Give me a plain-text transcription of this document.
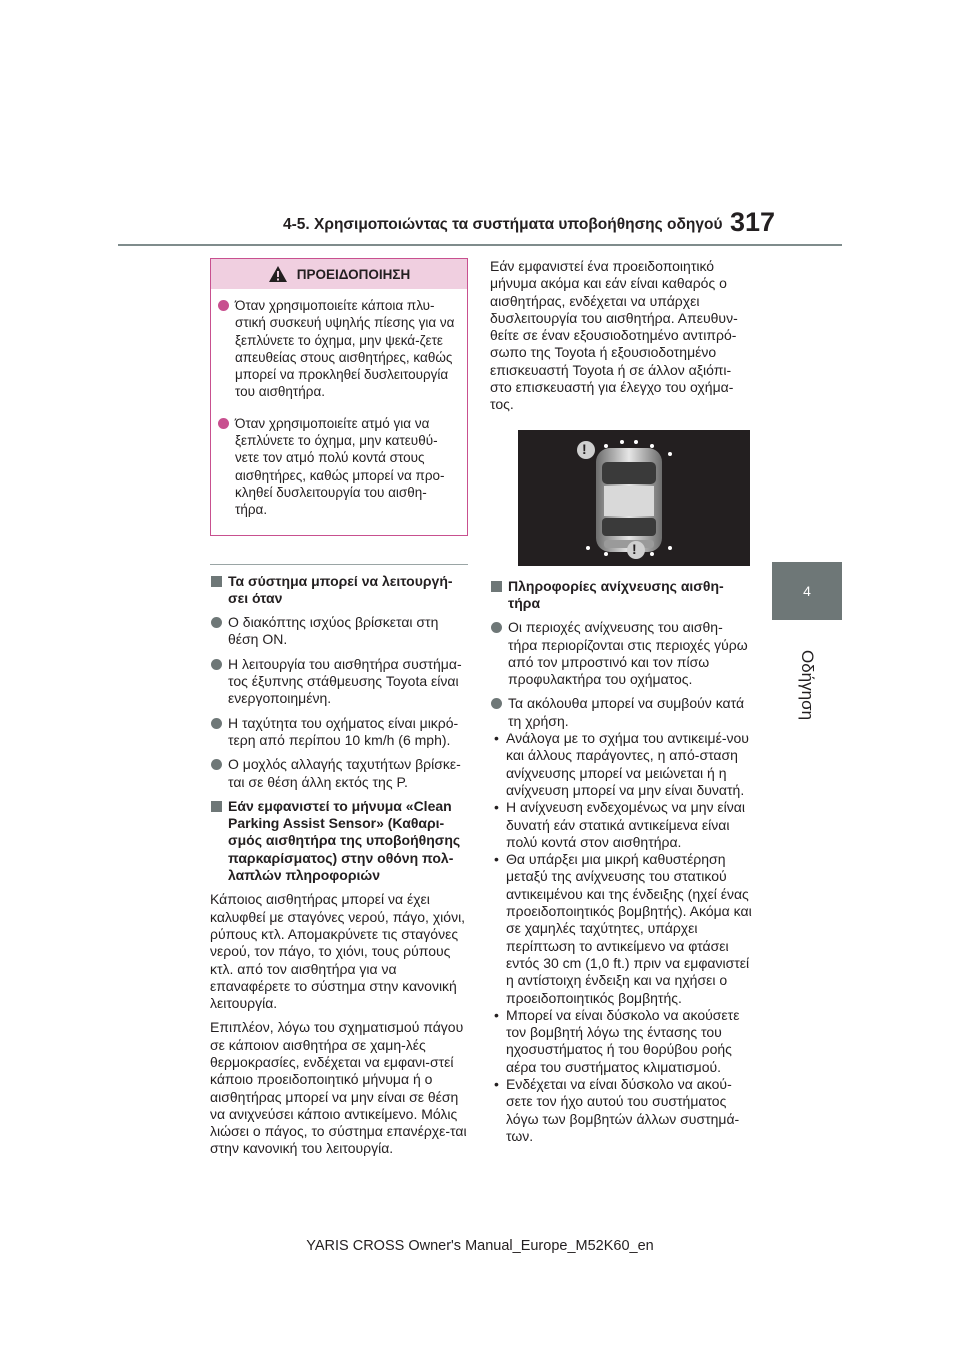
4-5. Χρησιμοποιώντας τα συστήματα υποβοήθησης οδηγού 317
4
Οδήγηση
ΠΡΟΕΙΔΟΠΟΙΗΣΗ
Όταν χρησιμοποιείτε κάποια πλυ-στική συσκευή υψηλής πίεσης για να ξεπλύνετε το όχημα, μην ψεκά-ζετε απευθείας στους αισθητήρες, καθώς μπορεί να προκληθεί δυσλειτουργία του αισθητήρα.
Όταν χρησιμοποιείτε ατμό για να ξεπλύνετε το όχημα, μην κατευθύ-νετε τον ατμό πολύ κοντά στους αισθητήρες, καθώς μπορεί να προ-κληθεί δυσλειτουργία του αισθη-τήρα.
Τα σύστημα μπορεί να λειτουργή-σει όταν
Ο διακόπτης ισχύος βρίσκεται στη θέση ON.
Η λειτουργία του αισθητήρα συστήμα-τος έξυπνης στάθμευσης Toyota είναι ενεργοποιημένη.
Η ταχύτητα του οχήματος είναι μικρό-τερη από περίπου 10 km/h (6 mph).
Ο μοχλός αλλαγής ταχυτήτων βρίσκε-ται σε θέση άλλη εκτός της P.
Εάν εμφανιστεί το μήνυμα «Clean Parking Assist Sensor» (Καθαρι-σμός αισθητήρα της υποβοήθησης παρκαρίσματος) στην οθόνη πολ-λαπλών πληροφοριών
Κάποιος αισθητήρας μπορεί να έχει καλυφθεί με σταγόνες νερού, πάγο, χιόνι, ρύπους κτλ. Απομακρύνετε τις σταγόνες νερού, τον πάγο, το χιόνι, τους ρύπους κτλ. από τον αισθητήρα για να επαναφέρετε το σύστημα στην κανονική λειτουργία.
Επιπλέον, λόγω του σχηματισμού πάγου σε κάποιον αισθητήρα σε χαμη-λές θερμοκρασίες, ενδέχεται να εμφανι-στεί κάποιο προειδοποιητικό μήνυμα ή ο αισθητήρας μπορεί να μην είναι σε θέση να ανιχνεύσει κάποιο αντικείμενο. Μόλις λιώσει ο πάγος, το σύστημα επανέρχε-ται στην κανονική του λειτουργία.
Εάν εμφανιστεί ένα προειδοποιητικό μήνυμα ακόμα και εάν είναι καθαρός ο αισθητήρας, ενδέχεται να υπάρχει δυσλειτουργία του αισθητήρα. Απευθυν-θείτε σε έναν εξουσιοδοτημένο αντιπρό-σωπο της Toyota ή εξουσιοδοτημένο επισκευαστή Toyota ή σε άλλον αξιόπι-στο επισκευαστή για έλεγχο του οχήμα-τος.
!
!
Πληροφορίες ανίχνευσης αισθη-τήρα
Οι περιοχές ανίχνευσης του αισθη-τήρα περιορίζονται στις περιοχές γύρω από τον μπροστινό και τον πίσω προφυλακτήρα του οχήματος.
Τα ακόλουθα μπορεί να συμβούν κατά τη χρήση.
• Ανάλογα με το σχήμα του αντικειμέ-νου και άλλους παράγοντες, η από-σταση ανίχνευσης μπορεί να μειώνεται ή η ανίχνευση μπορεί να μην είναι δυνατή.
• Η ανίχνευση ενδεχομένως να μην είναι δυνατή εάν στατικά αντικείμενα είναι πολύ κοντά στον αισθητήρα.
• Θα υπάρξει μια μικρή καθυστέρηση μεταξύ της ανίχνευσης του στατικού αντικειμένου και της ένδειξης (ηχεί ένας προειδοποιητικός βομβητής). Ακόμα και σε χαμηλές ταχύτητες, υπάρχει περίπτωση το αντικείμενο να φτάσει εντός 30 cm (1,0 ft.) πριν να εμφανιστεί η αντίστοιχη ένδειξη και να ηχήσει ο προειδοποιητικός βομβητής.
• Μπορεί να είναι δύσκολο να ακούσετε τον βομβητή λόγω της έντασης του ηχοσυστήματος ή του θορύβου ροής αέρα του συστήματος κλιματισμού.
• Ενδέχεται να είναι δύσκολο να ακού-σετε τον ήχο αυτού του συστήματος λόγω των βομβητών άλλων συστημά-των.
YARIS CROSS Owner's Manual_Europe_M52K60_en
